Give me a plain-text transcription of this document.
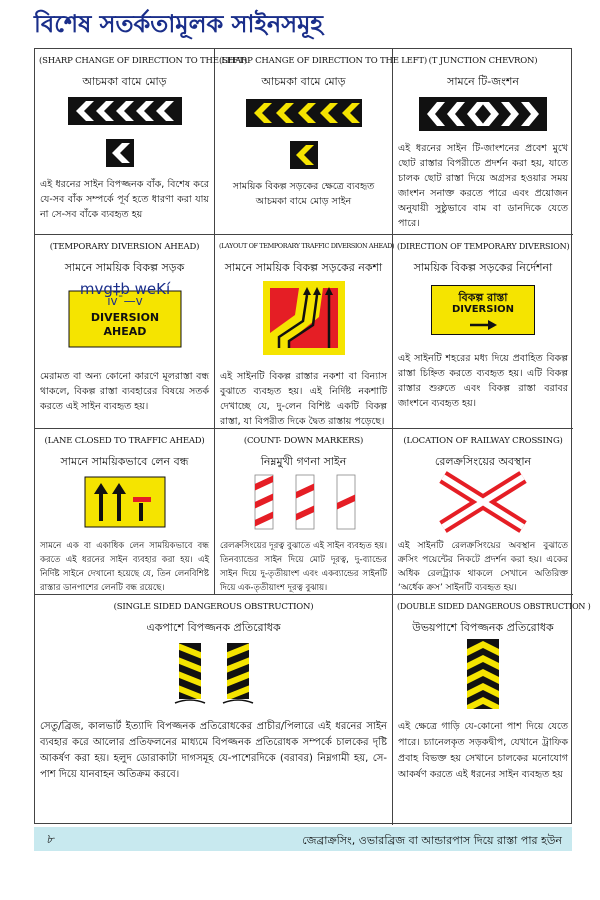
বিশেষ সতর্কতামূলক সাইনসমূহ
(SHARP CHANGE OF DIRECTION TO THE LEFT)
আচমকা বামে মোড়
এই ধরনের সাইন বিপজ্জনক বাঁক, বিশেষ করে যে-সব বাঁক সম্পর্কে পূর্ব হতে ধারণা করা যায় না সে-সব বাঁকে ব্যবহৃত হয়
(SHARP CHANGE OF DIRECTION TO THE LEFT)
আচমকা বামে মোড়
সাময়িক বিকল্প সড়কের ক্ষেত্রে ব্যবহৃত আচমকা বামে মোড় সাইন
(T JUNCTION CHEVRON)
সামনে টি-জংশন
এই ধরনের সাইন টি-জাংশনের প্রবেশ মুখে ছোট রাস্তার বিপরীতে প্রদর্শন করা হয়, যাতে চালক ছোট রাস্তা দিয়ে অগ্রসর হওয়ার সময় জাংশন সনাক্ত করতে পারে এবং প্রয়োজন অনুযায়ী সুষ্ঠুভাবে বাম বা ডানদিকে যেতে পারে।
(TEMPORARY DIVERSION AHEAD)
সামনে সাময়িক বিকল্প সড়ক
mvg‡b weKí
iv¯—v
DIVERSION
AHEAD
মেরামত বা অন্য কোনো কারণে মূলরাস্তা বন্ধ থাকলে, বিকল্প রাস্তা ব্যবহারের বিষয়ে সতর্ক করতে এই সাইন ব্যবহৃত হয়।
(LAYOUT OF TEMPORARY TRAFFIC DIVERSION AHEAD)
সামনে সাময়িক বিকল্প সড়কের নকশা
এই সাইনটি বিকল্প রাস্তার নকশা বা বিন্যাস বুঝাতে ব্যবহৃত হয়। এই নির্দিষ্ট নকশাটি দেখাচ্ছে যে, দু-লেন বিশিষ্ট একটি বিকল্প রাস্তা, যা বিপরীত দিকে দ্বৈত রাস্তায় পড়েছে।
(DIRECTION OF TEMPORARY DIVERSION)
সাময়িক বিকল্প সড়কের নির্দেশনা
বিকল্প রাস্তা
DIVERSION
এই সাইনটি শহরের মধ্য দিয়ে প্রবাহিত বিকল্প রাস্তা চিহ্নিত করতে ব্যবহৃত হয়। এটি বিকল্প রাস্তার শুরুতে এবং বিকল্প রাস্তা বরাবর জাংশনে ব্যবহৃত হয়।
(LANE CLOSED TO TRAFFIC AHEAD)
সামনে সাময়িকভাবে লেন বন্ধ
সামনে এক বা একাধিক লেন সাময়িকভাবে বন্ধ করতে এই ধরনের সাইন ব্যবহার করা হয়। এই নির্দিষ্ট সাইনে দেখানো হয়েছে যে, তিন লেনবিশিষ্ট রাস্তার ডানপাশের লেনটি বন্ধ রয়েছে।
(COUNT- DOWN MARKERS)
নিম্নমুখী গণনা সাইন
রেলক্রসিংয়ের দূরত্ব বুঝাতে এই সাইন ব্যবহৃত হয়। তিনব্যান্ডের সাইন দিয়ে মোট দূরত্ব, দু-ব্যান্ডের সাইন দিয়ে দু-তৃতীয়াংশ এবং একব্যান্ডের সাইনটি দিয়ে এক-তৃতীয়াংশ দূরত্ব বুঝায়।
(LOCATION OF RAILWAY CROSSING)
রেলক্রসিংয়ের অবস্থান
এই সাইনটি রেলক্রসিংয়ের অবস্থান বুঝাতে ক্রসিং পয়েন্টের নিকটে প্রদর্শন করা হয়। একের অধিক রেলট্র্যাক থাকলে সেখানে অতিরিক্ত ‘অর্ধেক ক্রস’ সাইনটি ব্যবহৃত হয়।
(SINGLE SIDED DANGEROUS OBSTRUCTION)
একপাশে বিপজ্জনক প্রতিরোধক
সেতু/ব্রিজ, কালভার্ট ইত্যাদি বিপজ্জনক প্রতিরোধকের প্রাচীর/পিলারে এই ধরনের সাইন ব্যবহার করে আলোর প্রতিফলনের মাধ্যমে বিপজ্জনক প্রতিরোধক সম্পর্কে চালকের দৃষ্টি আকর্ষণ করা হয়। হলুদ ডোরাকাটা দাগসমূহ যে-পাশেরদিকে (বরাবর) নিম্নগামী হয়, সে-পাশ দিয়ে যানবাহন অতিক্রম করবে।
(DOUBLE SIDED DANGEROUS OBSTRUCTION )
উভয়পাশে বিপজ্জনক প্রতিরোধক
এই ক্ষেত্রে গাড়ি যে-কোনো পাশ দিয়ে যেতে পারে। চ্যানেলকৃত সড়কদ্বীপ, যেখানে ট্রাফিক প্রবাহ বিভক্ত হয় সেখানে চালকের মনোযোগ আকর্ষণ করতে এই ধরনের সাইন ব্যবহৃত হয়
৮	জেব্রাক্রসিং, ওভারব্রিজ বা আন্ডারপাস দিয়ে রাস্তা পার হউন
